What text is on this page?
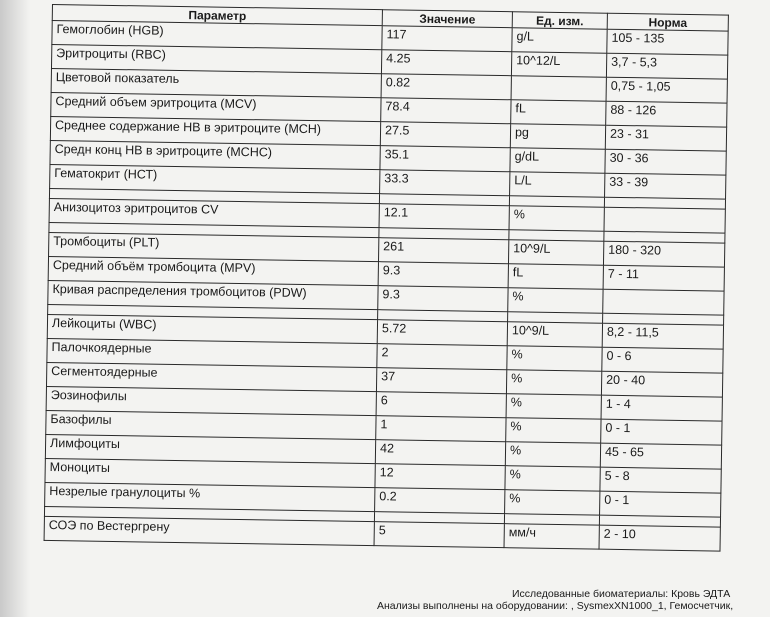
Параметр	Значение	Ед. изм.	Норма
Гемоглобин (HGB)	117	g/L	105 - 135
Эритроциты (RBC)	4.25	10^12/L	3,7 - 5,3
Цветовой показатель	0.82		0,75 - 1,05
Средний объем эритроцита (MCV)	78.4	fL	88 - 126
Среднее содержание НВ в эритроците (МСН)	27.5	pg	23 - 31
Средн конц НВ в эритроците (МСНС)	35.1	g/dL	30 - 36
Гематокрит (НСТ)	33.3	L/L	33 - 39

Анизоцитоз эритроцитов CV	12.1	%	

Тромбоциты (PLT)	261	10^9/L	180 - 320
Средний объём тромбоцита (MPV)	9.3	fL	7 - 11
Кривая распределения тромбоцитов (PDW)	9.3	%	

Лейкоциты (WBC)	5.72	10^9/L	8,2 - 11,5
Палочкоядерные	2	%	0 - 6
Сегментоядерные	37	%	20 - 40
Эозинофилы	6	%	1 - 4
Базофилы	1	%	0 - 1
Лимфоциты	42	%	45 - 65
Моноциты	12	%	5 - 8
Незрелые гранулоциты %	0.2	%	0 - 1

СОЭ по Вестергрену	5	мм/ч	2 - 10
Исследованные биоматериалы: Кровь ЭДТА
Анализы выполнены на оборудовании: , SysmexXN1000_1, Гемосчетчик,
